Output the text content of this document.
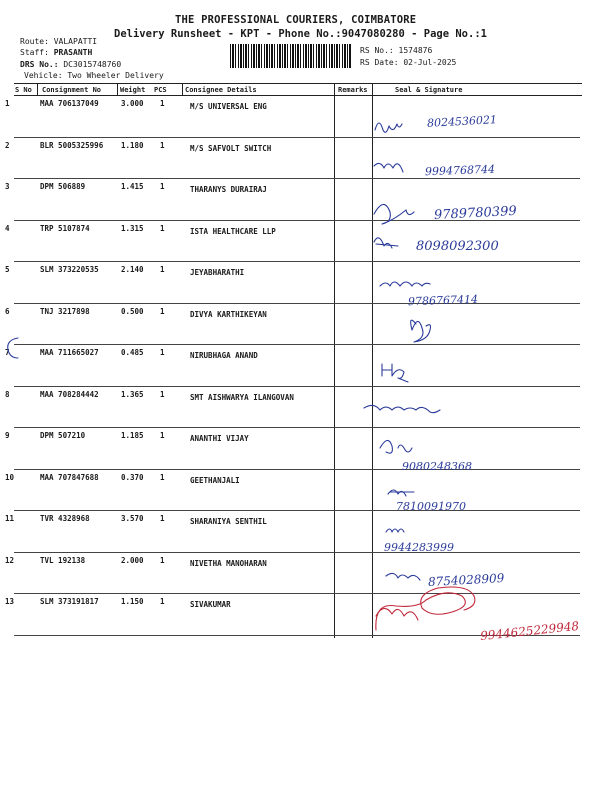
THE PROFESSIONAL COURIERS, COIMBATORE
Delivery Runsheet - KPT - Phone No.:9047080280 - Page No.:1
Route: VALAPATTI
Staff: PRASANTH
DRS No.: DC3015748760
Vehicle: Two Wheeler Delivery
RS No.: 1574876
RS Date: 02-Jul-2025
S No Consignment No	Weight PCS	Consignee Details	Remarks	Seal & Signature
1	MAA 706137049	3.000 1	M/S UNIVERSAL ENG
8024536021
2	BLR 5005325996 1.180 1	M/S SAFVOLT SWITCH
9994768744
3	DPM 506889	1.415 1	THARANYS DURAIRAJ
9789780399
4	TRP 5107874	1.315 1	ISTA HEALTHCARE LLP
8098092300
5	SLM 373220535	2.140 1	JEYABHARATHI
9786767414
6	TNJ 3217898	0.500 1	DIVYA KARTHIKEYAN
7	MAA 711665027	0.485 1	NIRUBHAGA ANAND
8	MAA 708284442	1.365 1	SMT AISHWARYA ILANGOVAN
9	DPM 507210	1.185 1	ANANTHI VIJAY
9080248368
10	MAA 707847688	0.370 1	GEETHANJALI
7810091970
11	TVR 4328968	3.570 1	SHARANIYA SENTHIL
9944283999
12	TVL 192138	2.000 1	NIVETHA MANOHARAN
8754028909
13	SLM 373191817	1.150 1	SIVAKUMAR
9944625229948
